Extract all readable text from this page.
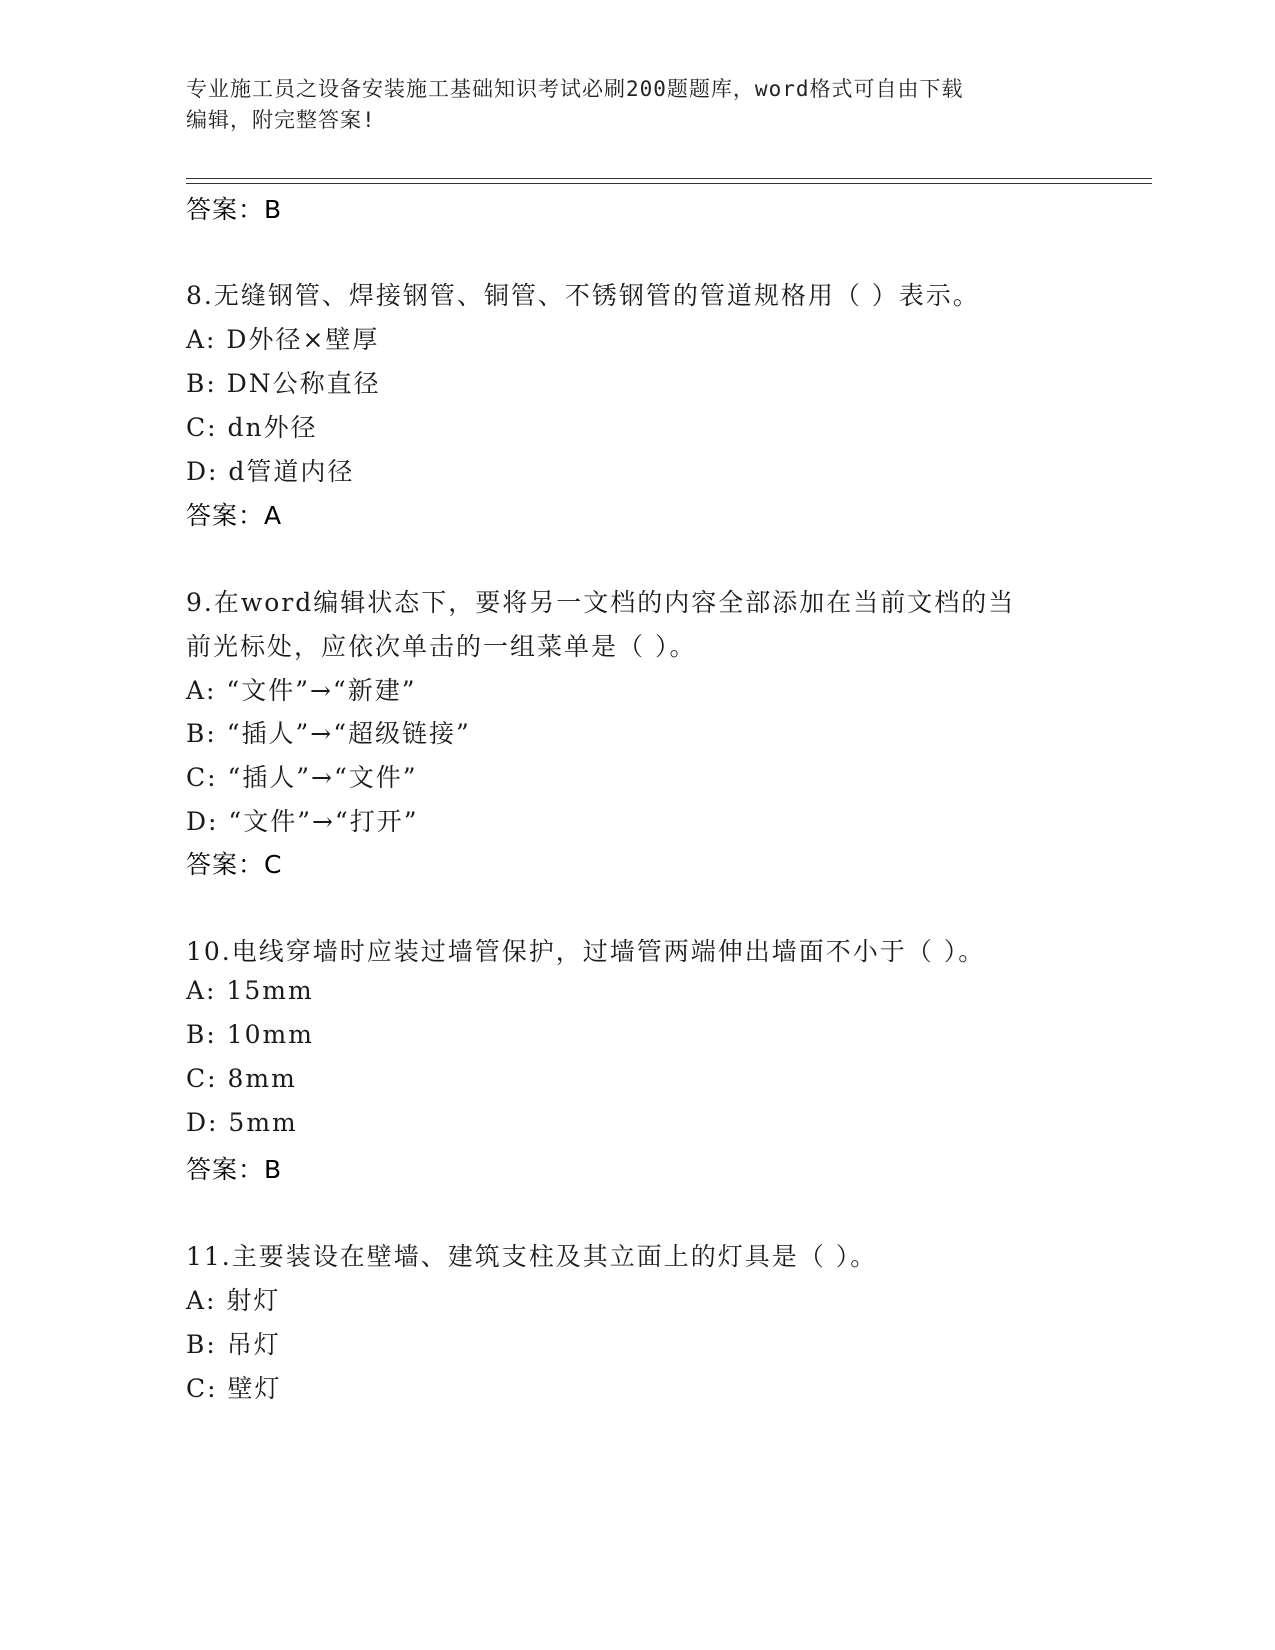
专业施工员之设备安装施工基础知识考试必刷200题题库，word格式可自由下载
编辑，附完整答案!
答案：B
8.无缝钢管、焊接钢管、铜管、不锈钢管的管道规格用（ ）表示。
A: D外径×壁厚
B: DN公称直径
C: dn外径
D: d管道内径
答案：A
9.在word编辑状态下，要将另一文档的内容全部添加在当前文档的当
前光标处，应依次单击的一组菜单是（ ）。
A: “文件”→“新建”
B: “插人”→“超级链接”
C: “插人”→“文件”
D: “文件”→“打开”
答案：C
10.电线穿墙时应装过墙管保护，过墙管两端伸出墙面不小于（ ）。
A: 15mm
B: 10mm
C: 8mm
D: 5mm
答案：B
11.主要装设在壁墙、建筑支柱及其立面上的灯具是（ ）。
A: 射灯
B: 吊灯
C: 壁灯
